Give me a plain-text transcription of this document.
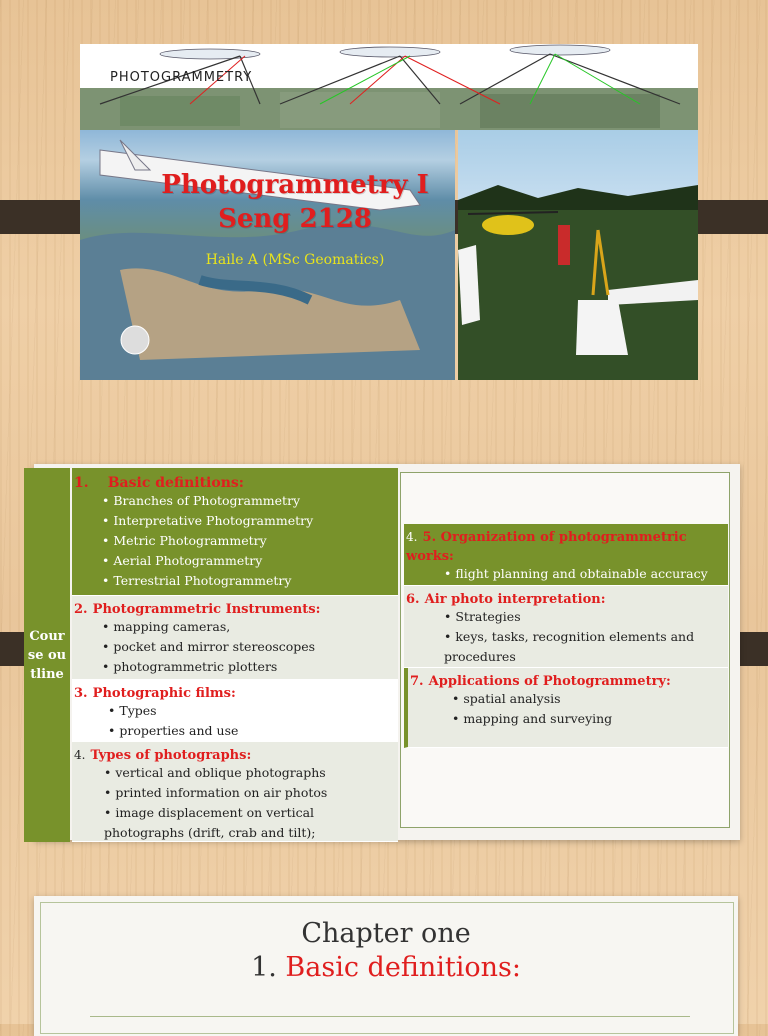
PHOTOGRAMMETRY
Photogrammetry I
Seng 2128
Haile A (MSc Geomatics)
Course outline
1. Basic definitions:
• Branches of Photogrammetry
• Interpretative Photogrammetry
• Metric Photogrammetry
• Aerial Photogrammetry
• Terrestrial Photogrammetry
2. Photogrammetric Instruments:
• mapping cameras,
• pocket and mirror stereoscopes
• photogrammetric plotters
3. Photographic films:
• Types
• properties and use
4. Types of photographs:
• vertical and oblique photographs
• printed information on air photos
• image displacement on vertical photographs (drift, crab and tilt);
4. 5. Organization of photogrammetric works:
• flight planning and obtainable accuracy
6. Air photo interpretation:
• Strategies
• keys, tasks, recognition elements and procedures
7. Applications of Photogrammetry:
• spatial analysis
• mapping and surveying
Chapter one
1. Basic definitions:
